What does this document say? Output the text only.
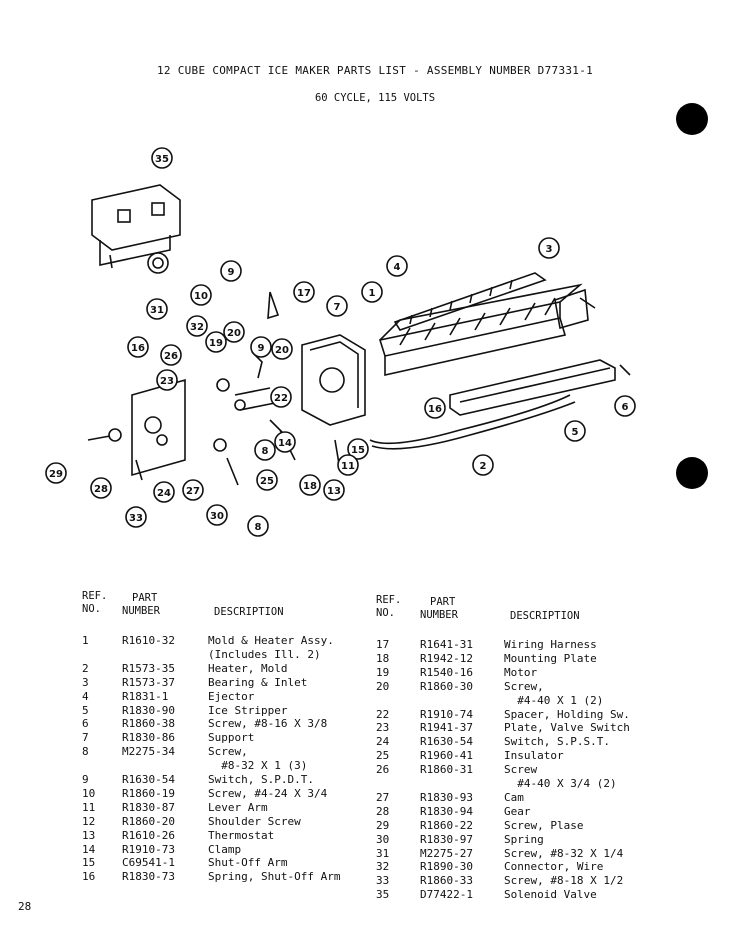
12 CUBE COMPACT ICE MAKER PARTS LIST - ASSEMBLY NUMBER D77331-1
60 CYCLE, 115 VOLTS
35
9
10	17
7
1
4
3
31
32
20
16
26
19	9 20
23
22
6
5
16
15
11
13
8
14
18
2
29
28	24 27
25
30
33
8
REF.
NO.
PART
NUMBER	DESCRIPTION
1	R1610-32	Mold & Heater Assy.
(Includes Ill. 2)
2	R1573-35	Heater, Mold
3	R1573-37	Bearing & Inlet
4	R1831-1	Ejector
5	R1830-90	Ice Stripper
6	R1860-38	Screw, #8-16 X 3/8
7	R1830-86	Support
8	M2275-34	Screw,
#8-32 X 1 (3)
9	R1630-54	Switch, S.P.D.T.
10 R1860-19	Screw, #4-24 X 3/4
11 R1830-87	Lever Arm
12 R1860-20	Shoulder Screw
13 R1610-26	Thermostat
14 R1910-73	Clamp
15 C69541-1	Shut-Off Arm
16 R1830-73	Spring, Shut-Off Arm
REF.
NO.
PART
NUMBER	DESCRIPTION
17	R1641-31	Wiring Harness
18	R1942-12	Mounting Plate
19	R1540-16	Motor
20	R1860-30	Screw,
#4-40 X 1 (2)
22	R1910-74	Spacer, Holding Sw.
23	R1941-37	Plate, Valve Switch
24	R1630-54	Switch, S.P.S.T.
25	R1960-41	Insulator
26	R1860-31	Screw
#4-40 X 3/4 (2)
27	R1830-93	Cam
28	R1830-94	Gear
29	R1860-22	Screw, Plase
30	R1830-97	Spring
31	M2275-27	Screw, #8-32 X 1/4
32	R1890-30	Connector, Wire
33	R1860-33	Screw, #8-18 X 1/2
35	D77422-1	Solenoid Valve
28
